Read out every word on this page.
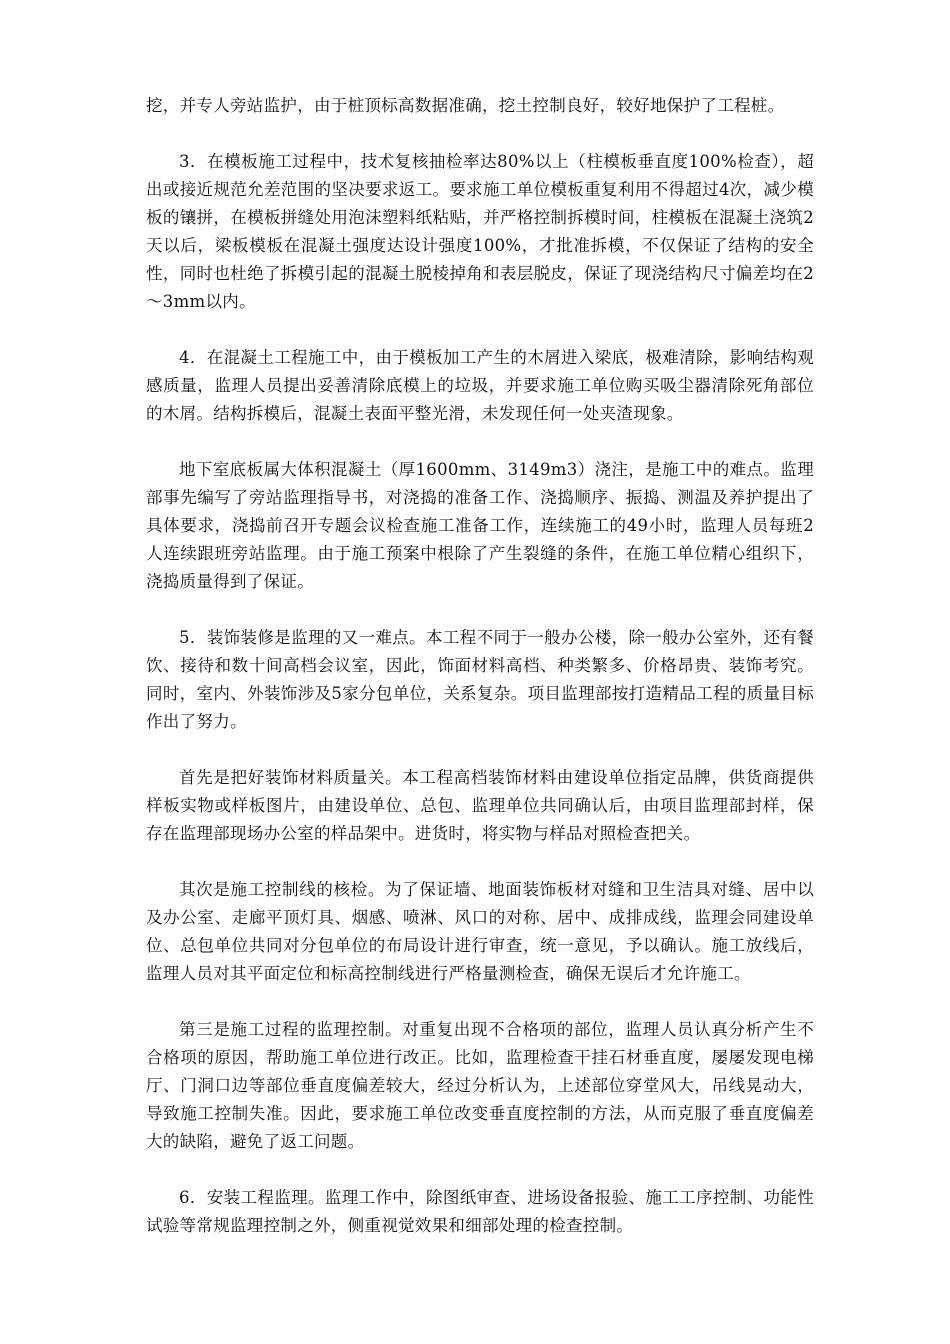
挖，并专人旁站监护，由于桩顶标高数据准确，挖土控制良好，较好地保护了工程桩。

3．在模板施工过程中，技术复核抽检率达80%以上（柱模板垂直度100%检查），超出或接近规范允差范围的坚决要求返工。要求施工单位模板重复利用不得超过4次，减少模板的镶拼，在模板拼缝处用泡沫塑料纸粘贴，并严格控制拆模时间，柱模板在混凝土浇筑2天以后，梁板模板在混凝土强度达设计强度100%，才批准拆模，不仅保证了结构的安全性，同时也杜绝了拆模引起的混凝土脱棱掉角和表层脱皮，保证了现浇结构尺寸偏差均在2～3mm以内。

4．在混凝土工程施工中，由于模板加工产生的木屑进入梁底，极难清除，影响结构观感质量，监理人员提出妥善清除底模上的垃圾，并要求施工单位购买吸尘器清除死角部位的木屑。结构拆模后，混凝土表面平整光滑，未发现任何一处夹渣现象。

地下室底板属大体积混凝土（厚1600mm、3149m3）浇注，是施工中的难点。监理部事先编写了旁站监理指导书，对浇捣的准备工作、浇捣顺序、振捣、测温及养护提出了具体要求，浇捣前召开专题会议检查施工准备工作，连续施工的49小时，监理人员每班2人连续跟班旁站监理。由于施工预案中根除了产生裂缝的条件，在施工单位精心组织下，浇捣质量得到了保证。

5．装饰装修是监理的又一难点。本工程不同于一般办公楼，除一般办公室外，还有餐饮、接待和数十间高档会议室，因此，饰面材料高档、种类繁多、价格昂贵、装饰考究。同时，室内、外装饰涉及5家分包单位，关系复杂。项目监理部按打造精品工程的质量目标作出了努力。

首先是把好装饰材料质量关。本工程高档装饰材料由建设单位指定品牌，供货商提供样板实物或样板图片，由建设单位、总包、监理单位共同确认后，由项目监理部封样，保存在监理部现场办公室的样品架中。进货时，将实物与样品对照检查把关。

其次是施工控制线的核检。为了保证墙、地面装饰板材对缝和卫生洁具对缝、居中以及办公室、走廊平顶灯具、烟感、喷淋、风口的对称、居中、成排成线，监理会同建设单位、总包单位共同对分包单位的布局设计进行审查，统一意见，予以确认。施工放线后，监理人员对其平面定位和标高控制线进行严格量测检查，确保无误后才允许施工。

第三是施工过程的监理控制。对重复出现不合格项的部位，监理人员认真分析产生不合格项的原因，帮助施工单位进行改正。比如，监理检查干挂石材垂直度，屡屡发现电梯厅、门洞口边等部位垂直度偏差较大，经过分析认为，上述部位穿堂风大，吊线晃动大，导致施工控制失准。因此，要求施工单位改变垂直度控制的方法，从而克服了垂直度偏差大的缺陷，避免了返工问题。

6．安装工程监理。监理工作中，除图纸审查、进场设备报验、施工工序控制、功能性试验等常规监理控制之外，侧重视觉效果和细部处理的检查控制。
